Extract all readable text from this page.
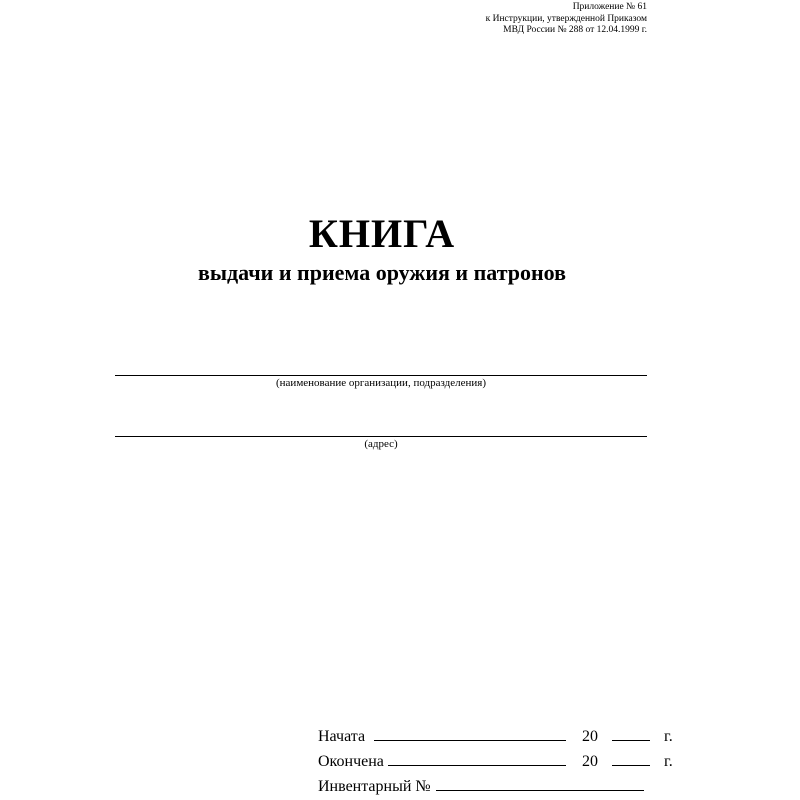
Приложение № 61
к Инструкции, утвержденной Приказом
МВД России № 288 от 12.04.1999 г.
КНИГА
выдачи и приема оружия и патронов
(наименование организации, подразделения)
(адрес)
Начата	20	г.
Окончена	20	г.
Инвентарный №
